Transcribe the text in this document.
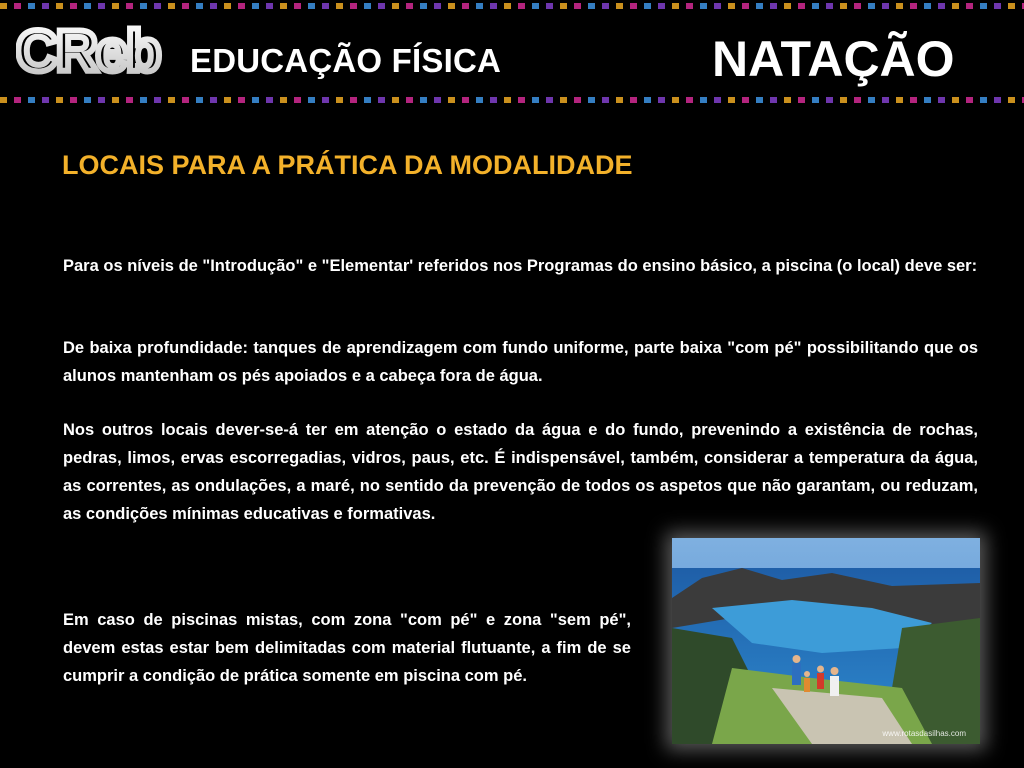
CReb EDUCAÇÃO FÍSICA	NATAÇÃO
LOCAIS PARA A PRÁTICA DA MODALIDADE
Para os níveis de "Introdução" e "Elementar' referidos nos Programas do ensino básico, a piscina (o local) deve ser:
De baixa profundidade: tanques de aprendizagem com fundo uniforme, parte baixa "com pé" possibilitando que os alunos mantenham os pés apoiados e a cabeça fora de água.
Nos outros locais dever-se-á ter em atenção o estado da água e do fundo, prevenindo a existência de rochas, pedras, limos, ervas escorregadias, vidros, paus, etc. É indispensável, também, considerar a temperatura da água, as correntes, as ondulações, a maré, no sentido da prevenção de todos os aspetos que não garantam, ou reduzam, as condições mínimas educativas e formativas.
Em caso de piscinas mistas, com zona "com pé" e zona "sem pé", devem estas estar bem delimitadas com material flutuante, a fim de se cumprir a condição de prática somente em piscina com pé.
www.rotasdasilhas.com
